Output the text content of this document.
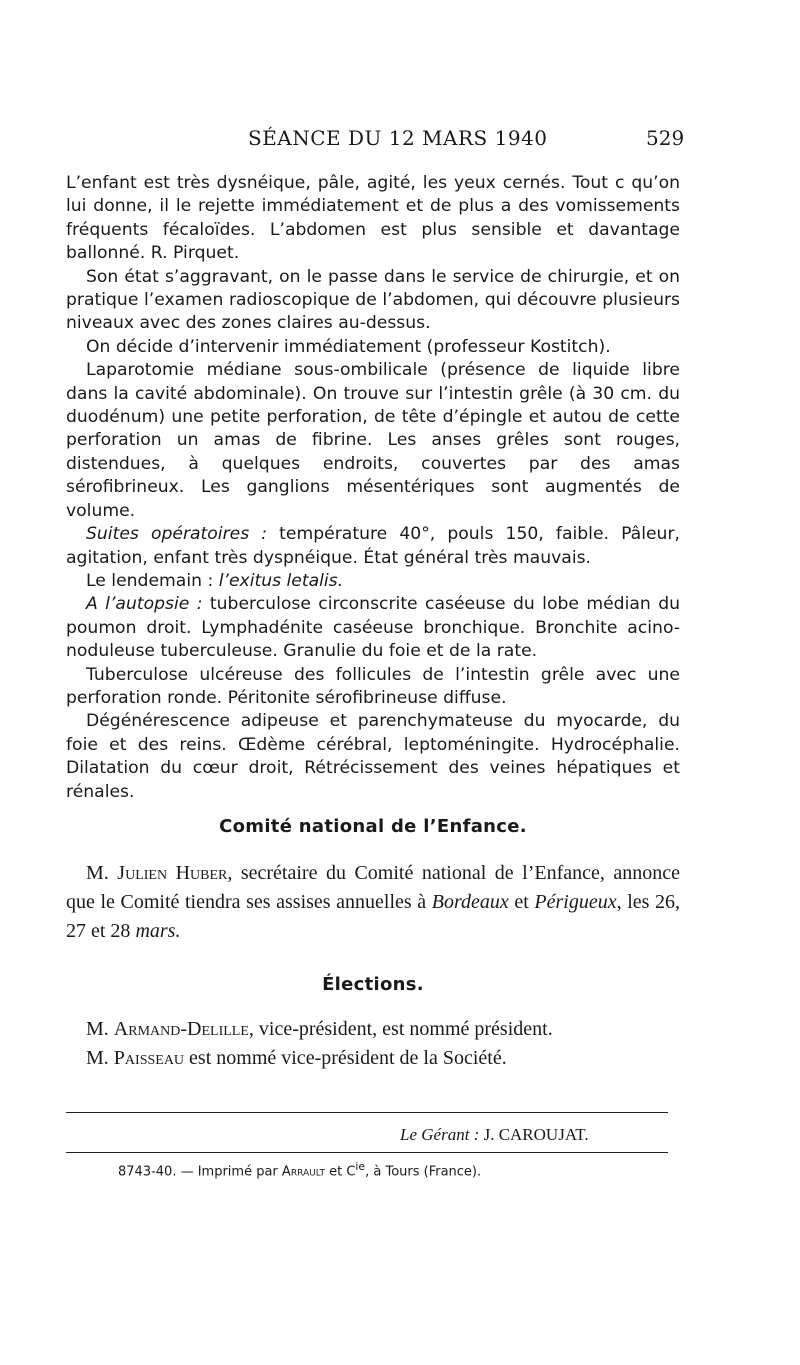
SÉANCE DU 12 MARS 1940	529

L’enfant est très dysnéique, pâle, agité, les yeux cernés. Tout c qu’on lui donne, il le rejette immédiatement et de plus a des vomissements fréquents fécaloïdes. L’abdomen est plus sensible et davantage ballonné. R. Pirquet.

Son état s’aggravant, on le passe dans le service de chirurgie, et on pratique l’examen radioscopique de l’abdomen, qui découvre plusieurs niveaux avec des zones claires au-dessus.

On décide d’intervenir immédiatement (professeur Kostitch).

Laparotomie médiane sous-ombilicale (présence de liquide libre dans la cavité abdominale). On trouve sur l’intestin grêle (à 30 cm. du duodénum) une petite perforation, de tête d’épingle et autou de cette perforation un amas de fibrine. Les anses grêles sont rouges, distendues, à quelques endroits, couvertes par des amas sérofibrineux. Les ganglions mésentériques sont augmentés de volume.

Suites opératoires : température 40°, pouls 150, faible. Pâleur, agitation, enfant très dyspnéique. État général très mauvais.

Le lendemain : l’exitus letalis.

A l’autopsie : tuberculose circonscrite caséeuse du lobe médian du poumon droit. Lymphadénite caséeuse bronchique. Bronchite acino-noduleuse tuberculeuse. Granulie du foie et de la rate.

Tuberculose ulcéreuse des follicules de l’intestin grêle avec une perforation ronde. Péritonite sérofibrineuse diffuse.

Dégénérescence adipeuse et parenchymateuse du myocarde, du foie et des reins. Œdème cérébral, leptoméningite. Hydrocéphalie. Dilatation du cœur droit, Rétrécissement des veines hépatiques et rénales.

Comité national de l’Enfance.

M. Julien Huber, secrétaire du Comité national de l’Enfance, annonce que le Comité tiendra ses assises annuelles à Bordeaux et Périgueux, les 26, 27 et 28 mars.

Élections.

M. Armand-Delille, vice-président, est nommé président.

M. Paisseau est nommé vice-président de la Société.

Le Gérant : J. CAROUJAT.
8743-40. — Imprimé par Arrault et $C^{ie}$, à Tours (France).
